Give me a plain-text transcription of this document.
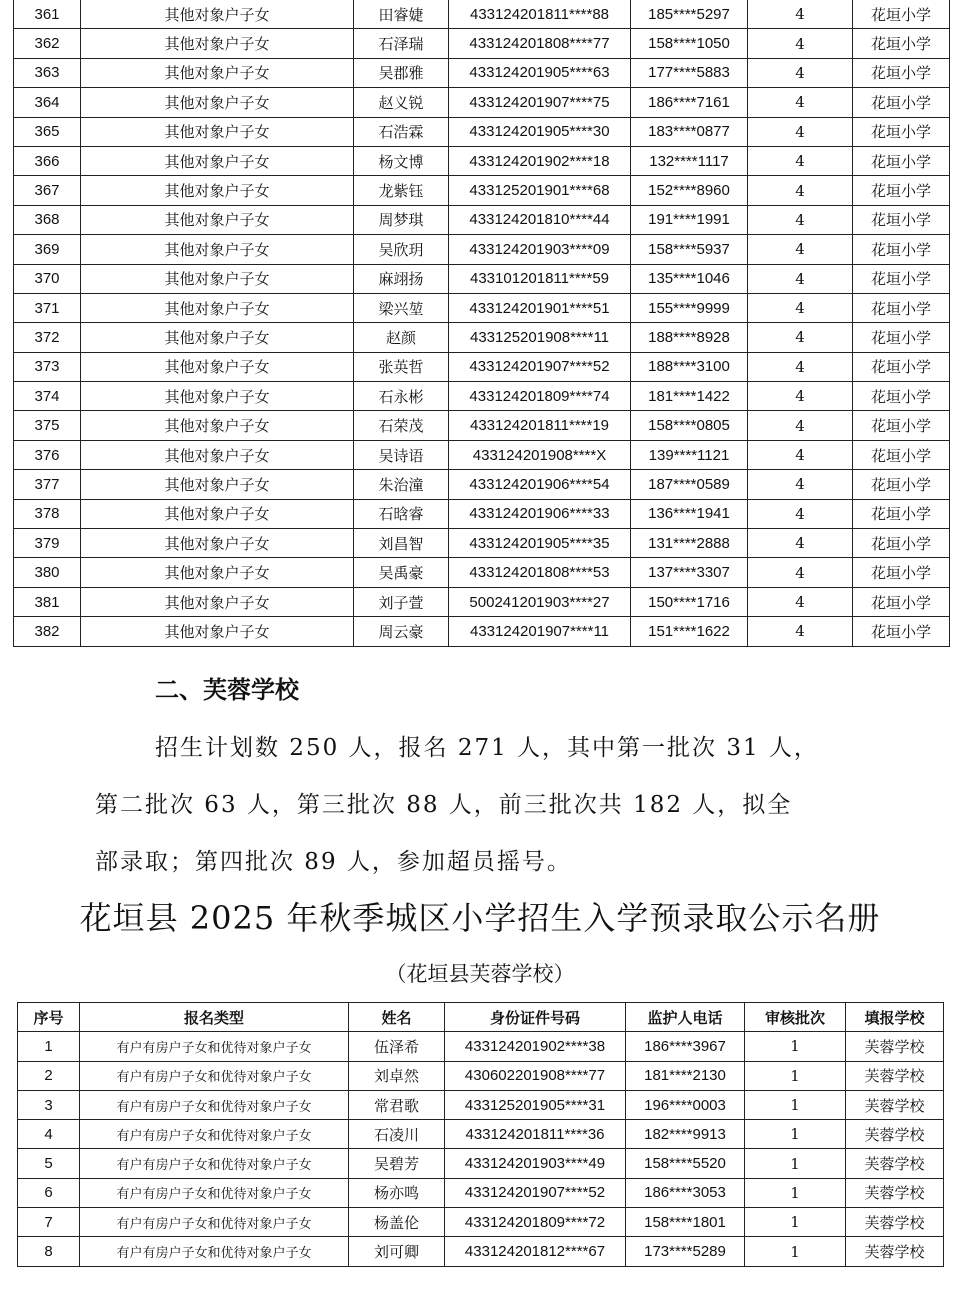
361	其他对象户子女	田睿婕	433124201811****88	185****5297	4	花垣小学
362	其他对象户子女	石泽瑞	433124201808****77	158****1050	4	花垣小学
363	其他对象户子女	吴郡雅	433124201905****63	177****5883	4	花垣小学
364	其他对象户子女	赵义锐	433124201907****75	186****7161	4	花垣小学
365	其他对象户子女	石浩霖	433124201905****30	183****0877	4	花垣小学
366	其他对象户子女	杨文博	433124201902****18	132****1117	4	花垣小学
367	其他对象户子女	龙紫钰	433125201901****68	152****8960	4	花垣小学
368	其他对象户子女	周梦琪	433124201810****44	191****1991	4	花垣小学
369	其他对象户子女	吴欣玥	433124201903****09	158****5937	4	花垣小学
370	其他对象户子女	麻翊扬	433101201811****59	135****1046	4	花垣小学
371	其他对象户子女	梁兴堃	433124201901****51	155****9999	4	花垣小学
372	其他对象户子女	赵颜	433125201908****11	188****8928	4	花垣小学
373	其他对象户子女	张英哲	433124201907****52	188****3100	4	花垣小学
374	其他对象户子女	石永彬	433124201809****74	181****1422	4	花垣小学
375	其他对象户子女	石荣茂	433124201811****19	158****0805	4	花垣小学
376	其他对象户子女	吴诗语	433124201908****X	139****1121	4	花垣小学
377	其他对象户子女	朱治潼	433124201906****54	187****0589	4	花垣小学
378	其他对象户子女	石晗睿	433124201906****33	136****1941	4	花垣小学
379	其他对象户子女	刘昌智	433124201905****35	131****2888	4	花垣小学
380	其他对象户子女	吴禹豪	433124201808****53	137****3307	4	花垣小学
381	其他对象户子女	刘子萱	500241201903****27	150****1716	4	花垣小学
382	其他对象户子女	周云豪	433124201907****11	151****1622	4	花垣小学
二、芙蓉学校
招生计划数 250 人，报名 271 人，其中第一批次 31 人，
第二批次 63 人，第三批次 88 人，前三批次共 182 人，拟全
部录取；第四批次 89 人，参加超员摇号。
花垣县 2025 年秋季城区小学招生入学预录取公示名册
（花垣县芙蓉学校）
序号	报名类型	姓名	身份证件号码	监护人电话	审核批次	填报学校
1	有户有房户子女和优待对象户子女	伍泽希	433124201902****38	186****3967	1	芙蓉学校
2	有户有房户子女和优待对象户子女	刘卓然	430602201908****77	181****2130	1	芙蓉学校
3	有户有房户子女和优待对象户子女	常君歌	433125201905****31	196****0003	1	芙蓉学校
4	有户有房户子女和优待对象户子女	石凌川	433124201811****36	182****9913	1	芙蓉学校
5	有户有房户子女和优待对象户子女	吴碧芳	433124201903****49	158****5520	1	芙蓉学校
6	有户有房户子女和优待对象户子女	杨亦鸣	433124201907****52	186****3053	1	芙蓉学校
7	有户有房户子女和优待对象户子女	杨盖伦	433124201809****72	158****1801	1	芙蓉学校
8	有户有房户子女和优待对象户子女	刘可卿	433124201812****67	173****5289	1	芙蓉学校
